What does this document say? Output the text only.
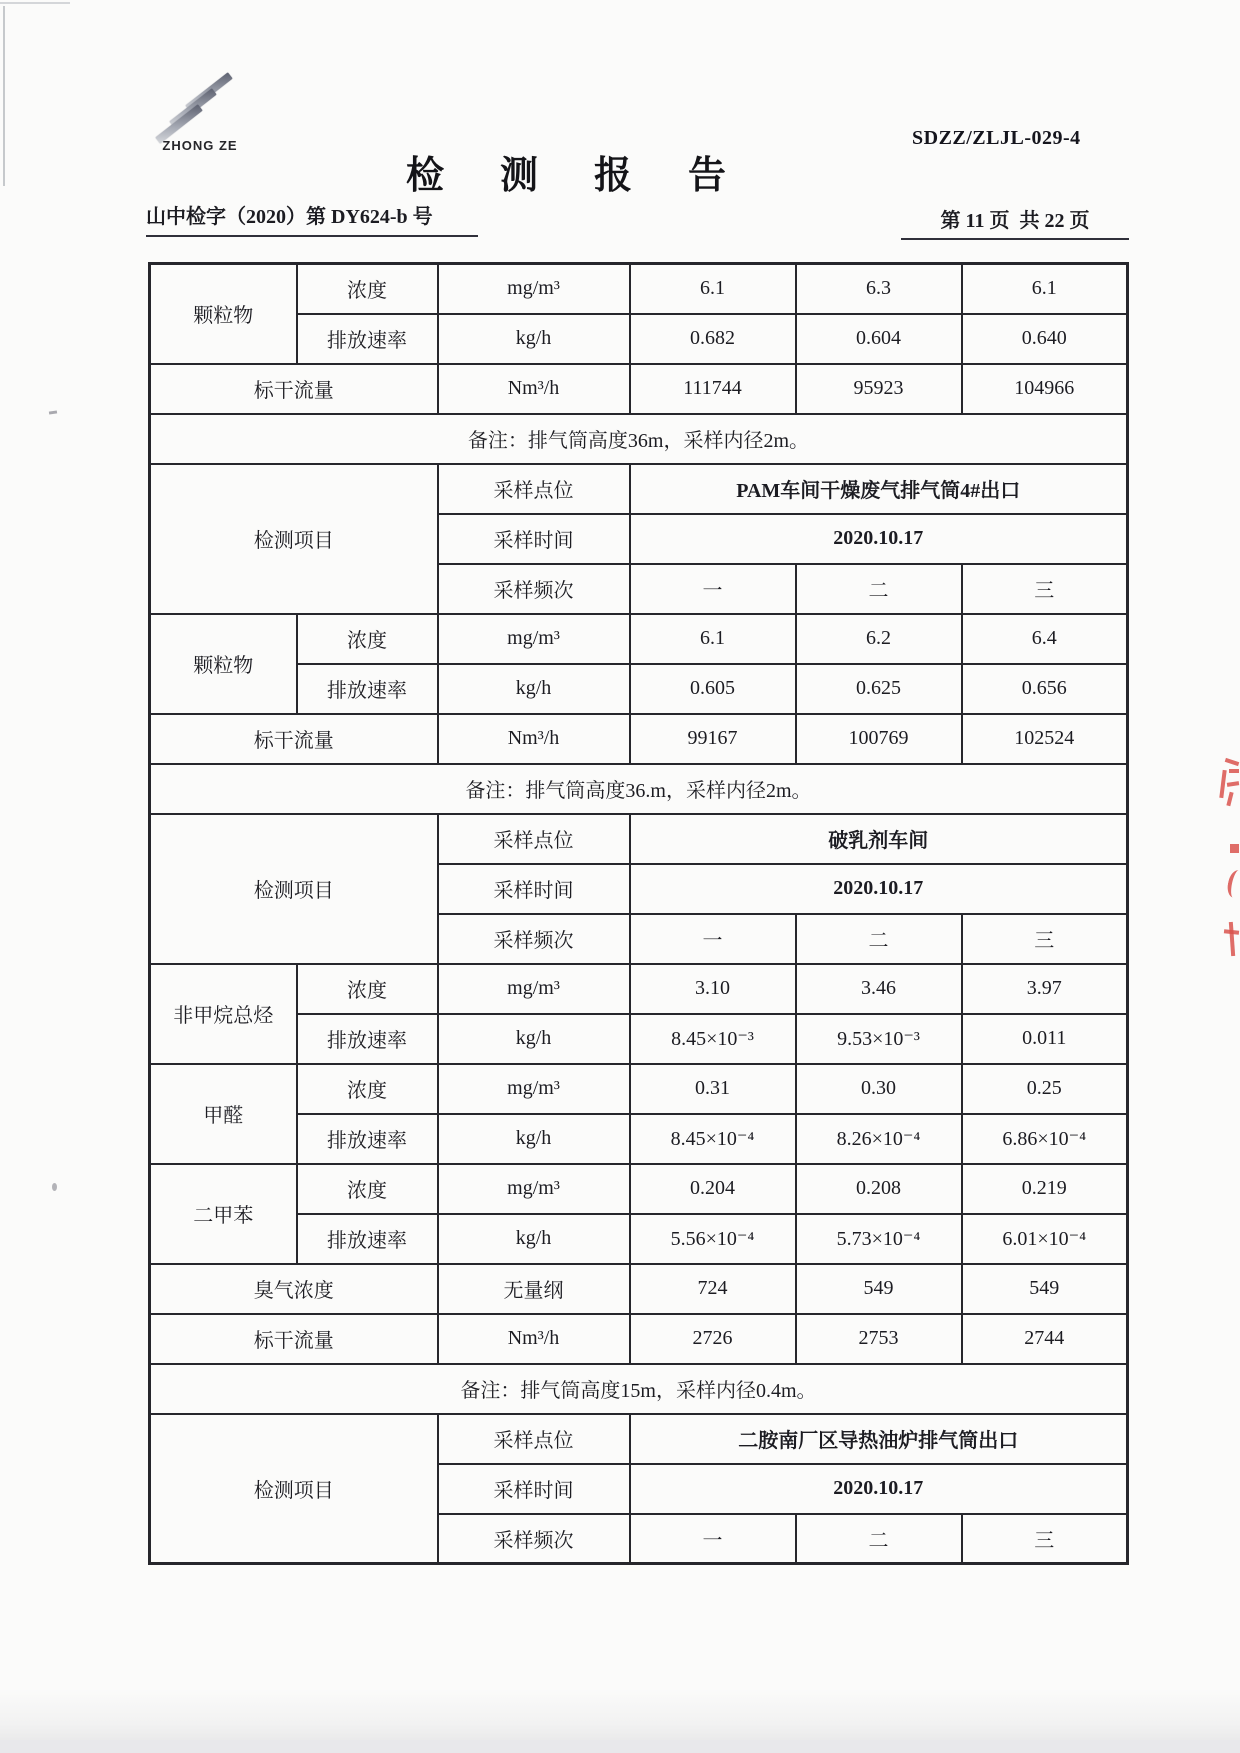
ZHONG ZE
检测报告
SDZZ/ZLJL-029-4
山中检字（2020）第 DY624-b 号	第 11 页  共 22 页
颗粒物	浓度	mg/m³	6.1	6.3	6.1
	排放速率	kg/h	0.682	0.604	0.640
标干流量		Nm³/h	111744	95923	104966
备注：排气筒高度36m，采样内径2m。					
检测项目		采样点位	PAM车间干燥废气排气筒4#出口		
		采样时间	2020.10.17		
		采样频次	一	二	三
颗粒物	浓度	mg/m³	6.1	6.2	6.4
	排放速率	kg/h	0.605	0.625	0.656
标干流量		Nm³/h	99167	100769	102524
备注：排气筒高度36.m，采样内径2m。					
检测项目		采样点位	破乳剂车间		
		采样时间	2020.10.17		
		采样频次	一	二	三
非甲烷总烃	浓度	mg/m³	3.10	3.46	3.97
	排放速率	kg/h	8.45×10⁻³	9.53×10⁻³	0.011
甲醛	浓度	mg/m³	0.31	0.30	0.25
	排放速率	kg/h	8.45×10⁻⁴	8.26×10⁻⁴	6.86×10⁻⁴
二甲苯	浓度	mg/m³	0.204	0.208	0.219
	排放速率	kg/h	5.56×10⁻⁴	5.73×10⁻⁴	6.01×10⁻⁴
臭气浓度		无量纲	724	549	549
标干流量		Nm³/h	2726	2753	2744
备注：排气筒高度15m，采样内径0.4m。					
检测项目		采样点位	二胺南厂区导热油炉排气筒出口		
		采样时间	2020.10.17		
		采样频次	一	二	三
